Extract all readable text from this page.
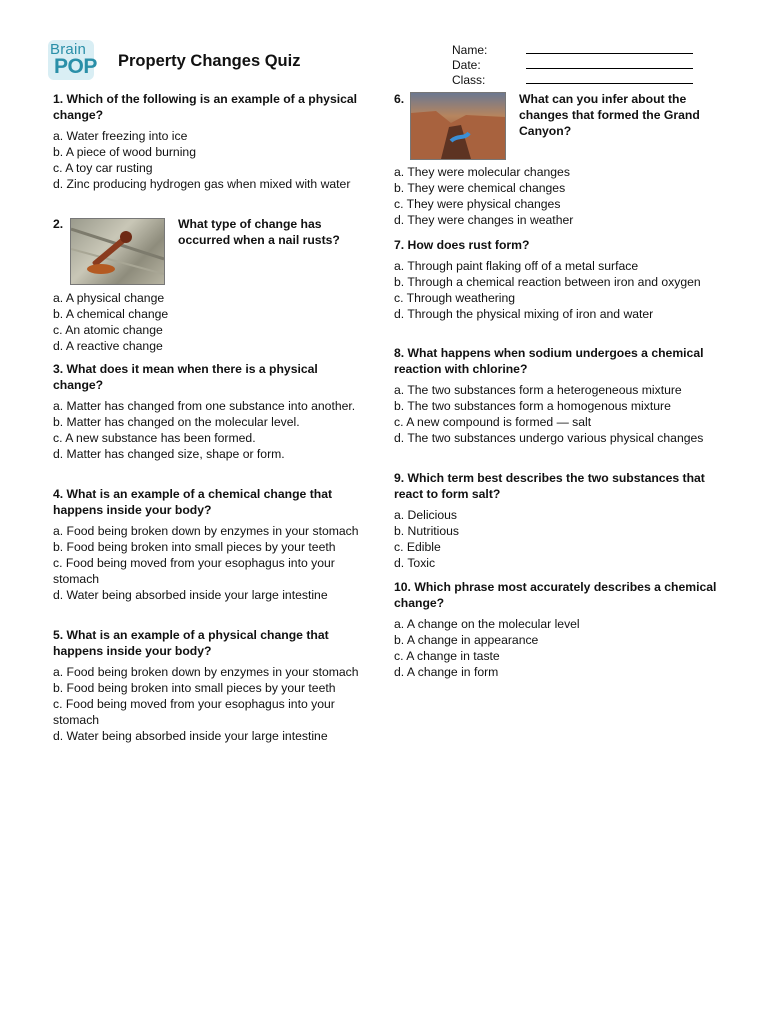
Brain
POP Property Changes Quiz
Name:
Date:
Class:

1. Which of the following is an example of a physical change?

a. Water freezing into ice

b. A piece of wood burning

c. A toy car rusting

d. Zinc producing hydrogen gas when mixed with water

2.	What type of change has occurred when a nail rusts?

a. A physical change

b. A chemical change

c. An atomic change

d. A reactive change

3. What does it mean when there is a physical change?

a. Matter has changed from one substance into another.

b. Matter has changed on the molecular level.

c. A new substance has been formed.

d. Matter has changed size, shape or form.

4. What is an example of a chemical change that happens inside your body?

a. Food being broken down by enzymes in your stomach

b. Food being broken into small pieces by your teeth

c. Food being moved from your esophagus into your stomach

d. Water being absorbed inside your large intestine

5. What is an example of a physical change that happens inside your body?

a. Food being broken down by enzymes in your stomach

b. Food being broken into small pieces by your teeth

c. Food being moved from your esophagus into your stomach

d. Water being absorbed inside your large intestine

6.	What can you infer about the changes that formed the Grand Canyon?

a. They were molecular changes

b. They were chemical changes

c. They were physical changes

d. They were changes in weather

7. How does rust form?

a. Through paint flaking off of a metal surface

b. Through a chemical reaction between iron and oxygen

c. Through weathering

d. Through the physical mixing of iron and water

8. What happens when sodium undergoes a chemical reaction with chlorine?

a. The two substances form a heterogeneous mixture

b. The two substances form a homogenous mixture

c. A new compound is formed — salt

d. The two substances undergo various physical changes

9. Which term best describes the two substances that react to form salt?

a. Delicious

b. Nutritious

c. Edible

d. Toxic

10. Which phrase most accurately describes a chemical change?

a. A change on the molecular level

b. A change in appearance

c. A change in taste

d. A change in form
